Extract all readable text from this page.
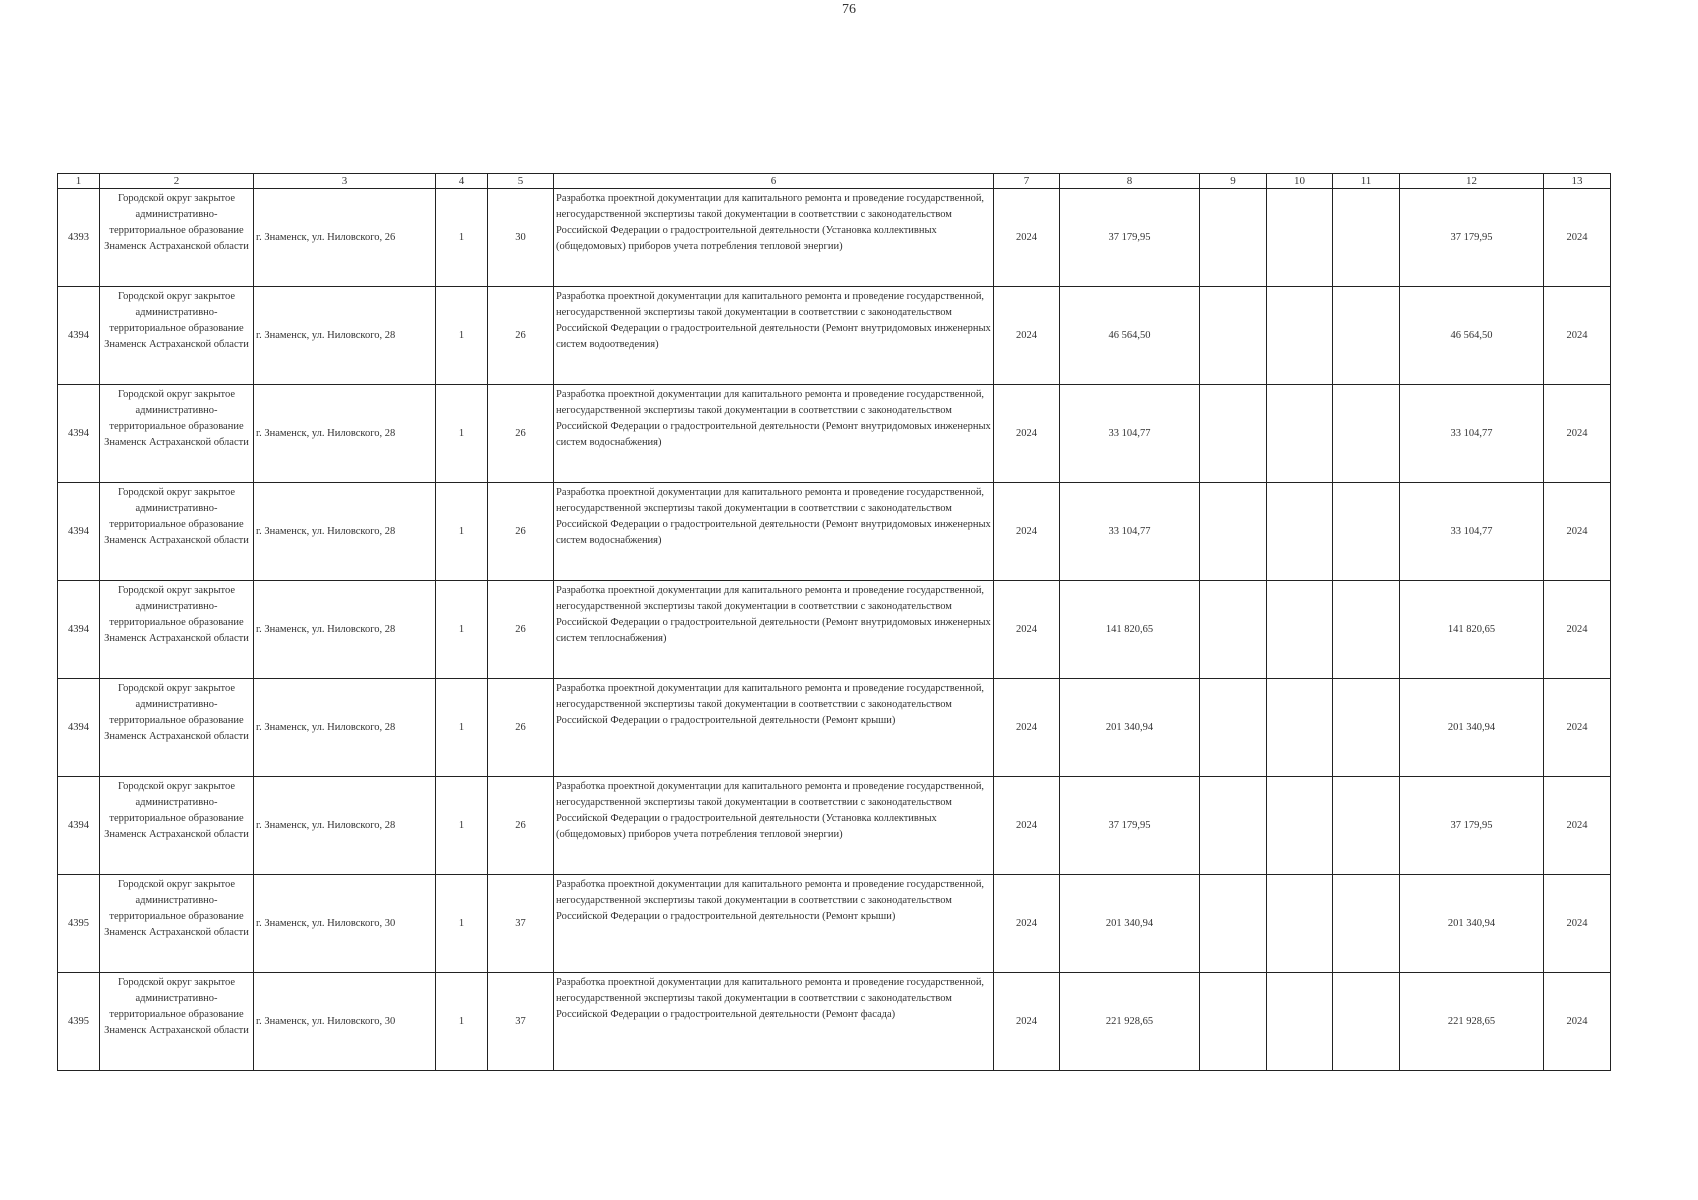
76
1	2	3	4	5	6	7	8	9	10	11	12	13
4393	Городской округ закрытое административно-территориальное образование Знаменск Астраханской области	г. Знаменск, ул. Ниловского, 26	1	30	Разработка проектной документации для капитального ремонта и проведение государственной, негосударственной экспертизы такой документации в соответствии с законодательством Российской Федерации о градостроительной деятельности (Установка коллективных (общедомовых) приборов учета потребления тепловой энергии)	2024	37 179,95				37 179,95	2024
4394	Городской округ закрытое административно-территориальное образование Знаменск Астраханской области	г. Знаменск, ул. Ниловского, 28	1	26	Разработка проектной документации для капитального ремонта и проведение государственной, негосударственной экспертизы такой документации в соответствии с законодательством Российской Федерации о градостроительной деятельности (Ремонт внутридомовых инженерных систем водоотведения)	2024	46 564,50				46 564,50	2024
4394	Городской округ закрытое административно-территориальное образование Знаменск Астраханской области	г. Знаменск, ул. Ниловского, 28	1	26	Разработка проектной документации для капитального ремонта и проведение государственной, негосударственной экспертизы такой документации в соответствии с законодательством Российской Федерации о градостроительной деятельности (Ремонт внутридомовых инженерных систем водоснабжения)	2024	33 104,77				33 104,77	2024
4394	Городской округ закрытое административно-территориальное образование Знаменск Астраханской области	г. Знаменск, ул. Ниловского, 28	1	26	Разработка проектной документации для капитального ремонта и проведение государственной, негосударственной экспертизы такой документации в соответствии с законодательством Российской Федерации о градостроительной деятельности (Ремонт внутридомовых инженерных систем водоснабжения)	2024	33 104,77				33 104,77	2024
4394	Городской округ закрытое административно-территориальное образование Знаменск Астраханской области	г. Знаменск, ул. Ниловского, 28	1	26	Разработка проектной документации для капитального ремонта и проведение государственной, негосударственной экспертизы такой документации в соответствии с законодательством Российской Федерации о градостроительной деятельности (Ремонт внутридомовых инженерных систем теплоснабжения)	2024	141 820,65				141 820,65	2024
4394	Городской округ закрытое административно-территориальное образование Знаменск Астраханской области	г. Знаменск, ул. Ниловского, 28	1	26	Разработка проектной документации для капитального ремонта и проведение государственной, негосударственной экспертизы такой документации в соответствии с законодательством Российской Федерации о градостроительной деятельности (Ремонт крыши)	2024	201 340,94				201 340,94	2024
4394	Городской округ закрытое административно-территориальное образование Знаменск Астраханской области	г. Знаменск, ул. Ниловского, 28	1	26	Разработка проектной документации для капитального ремонта и проведение государственной, негосударственной экспертизы такой документации в соответствии с законодательством Российской Федерации о градостроительной деятельности (Установка коллективных (общедомовых) приборов учета потребления тепловой энергии)	2024	37 179,95				37 179,95	2024
4395	Городской округ закрытое административно-территориальное образование Знаменск Астраханской области	г. Знаменск, ул. Ниловского, 30	1	37	Разработка проектной документации для капитального ремонта и проведение государственной, негосударственной экспертизы такой документации в соответствии с законодательством Российской Федерации о градостроительной деятельности (Ремонт крыши)	2024	201 340,94				201 340,94	2024
4395	Городской округ закрытое административно-территориальное образование Знаменск Астраханской области	г. Знаменск, ул. Ниловского, 30	1	37	Разработка проектной документации для капитального ремонта и проведение государственной, негосударственной экспертизы такой документации в соответствии с законодательством Российской Федерации о градостроительной деятельности (Ремонт фасада)	2024	221 928,65				221 928,65	2024
